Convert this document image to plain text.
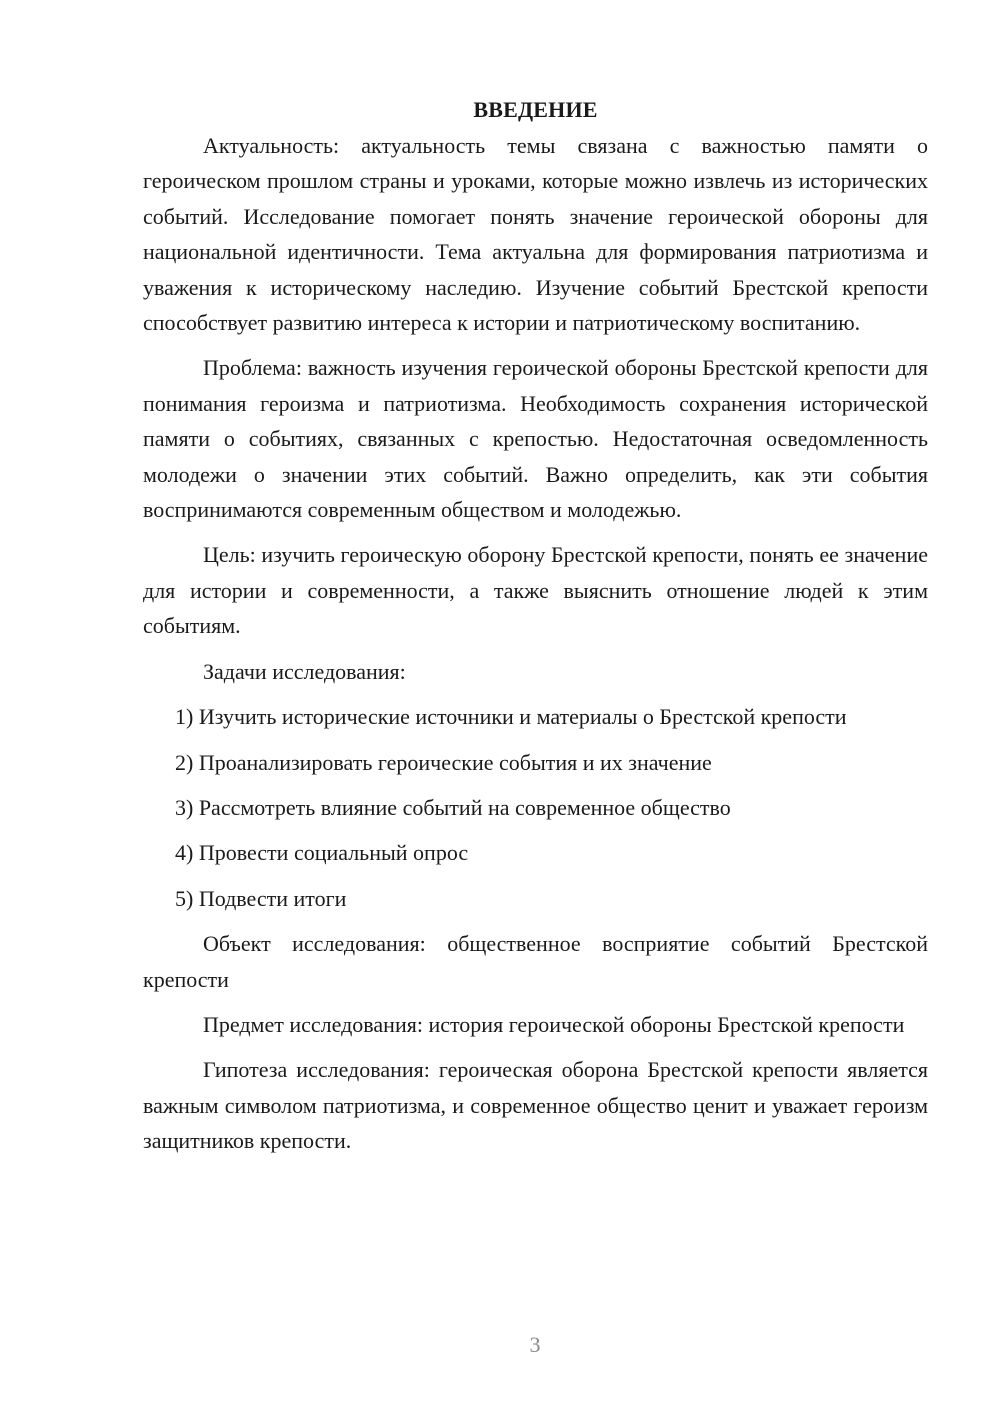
ВВЕДЕНИЕ

Актуальность: актуальность темы связана с важностью памяти о героическом прошлом страны и уроками, которые можно извлечь из исторических событий. Исследование помогает понять значение героической обороны для национальной идентичности. Тема актуальна для формирования патриотизма и уважения к историческому наследию. Изучение событий Брестской крепости способствует развитию интереса к истории и патриотическому воспитанию.

Проблема: важность изучения героической обороны Брестской крепости для понимания героизма и патриотизма. Необходимость сохранения исторической памяти о событиях, связанных с крепостью. Недостаточная осведомленность молодежи о значении этих событий. Важно определить, как эти события воспринимаются современным обществом и молодежью.

Цель: изучить героическую оборону Брестской крепости, понять ее значение для истории и современности, а также выяснить отношение людей к этим событиям.

Задачи исследования:

1) Изучить исторические источники и материалы о Брестской крепости

2) Проанализировать героические события и их значение

3) Рассмотреть влияние событий на современное общество

4) Провести социальный опрос

5) Подвести итоги

Объект исследования: общественное восприятие событий Брестской крепости

Предмет исследования: история героической обороны Брестской крепости

Гипотеза исследования: героическая оборона Брестской крепости является важным символом патриотизма, и современное общество ценит и уважает героизм защитников крепости.

3
